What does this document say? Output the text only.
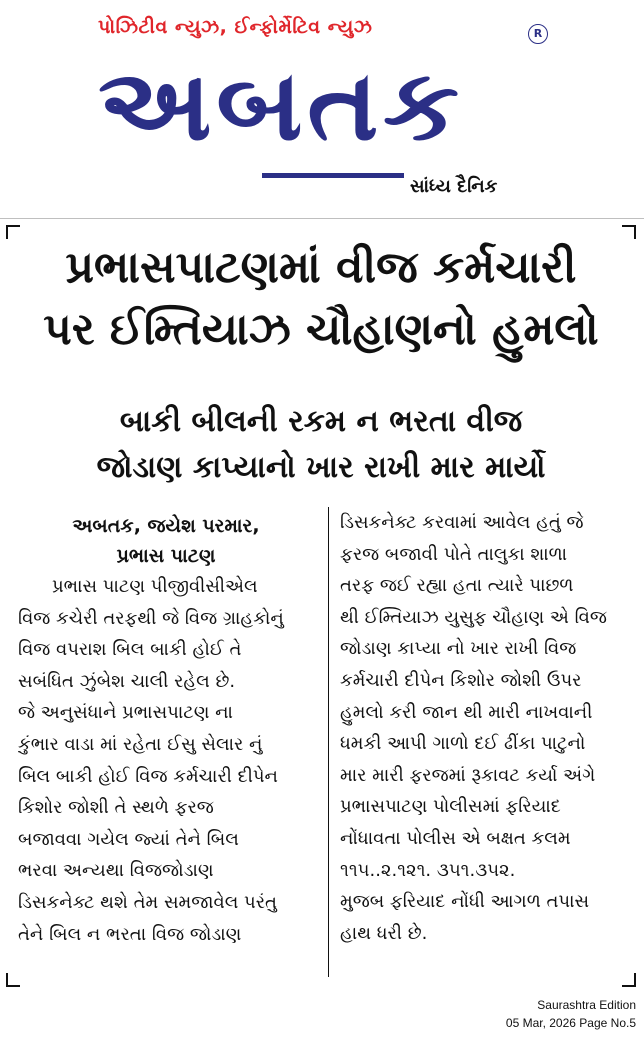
પોઝિટીવ ન્યુઝ, ઈન્ફોર્મેટિવ ન્યુઝ	R
અબતક
સાંધ્ય દૈનિક
પ્રભાસપાટણમાં વીજ કર્મચારી
પર ઈમ્તિયાઝ ચૌહાણનો હુમલો
બાકી બીલની રકમ ન ભરતા વીજ
જોડાણ કાપ્યાનો ખાર રાખી માર માર્યો
અબતક, જયેશ પરમાર,
પ્રભાસ પાટણ
પ્રભાસ પાટણ પીજીવીસીએલ
વિજ કચેરી તરફથી જે વિજ ગ્રાહકોનું
વિજ વપરાશ બિલ બાકી હોઈ તે
સબંધિત ઝુંબેશ ચાલી રહેલ છે.
જે અનુસંધાને પ્રભાસપાટણ ના
કુંભાર વાડા માં રહેતા ઈસુ સેલાર નું
બિલ બાકી હોઈ વિજ કર્મચારી દીપેન
કિશોર જોશી તે સ્થળે ફરજ
બજાવવા ગયેલ જ્યાં તેને બિલ
ભરવા અન્યથા વિજજોડાણ
ડિસકનેક્ટ થશે તેમ સમજાવેલ પરંતુ
તેને બિલ ન ભરતા વિજ જોડાણ
ડિસકનેક્ટ કરવામાં આવેલ હતું જે
ફરજ બજાવી પોતે તાલુકા શાળા
તરફ જઈ રહ્યા હતા ત્યારે પાછળ
થી ઈમ્તિયાઝ યુસુફ ચૌહાણ એ વિજ
જોડાણ કાપ્યા નો ખાર રાખી વિજ
કર્મચારી દીપેન કિશોર જોશી ઉપર
હુમલો કરી જાન થી મારી નાખવાની
ધમકી આપી ગાળો દઈ ઢીંકા પાટુનો
માર મારી ફરજમાં રૂકાવટ કર્યા અંગે
પ્રભાસપાટણ પોલીસમાં ફરિયાદ
નોંધાવતા પોલીસ એ બક્ષત કલમ
૧૧૫..૨.૧૨૧. ૩૫૧.૩૫૨.
મુજબ ફરિયાદ નોંધી આગળ તપાસ
હાથ ધરી છે.
Saurashtra Edition
05 Mar, 2026 Page No.5
